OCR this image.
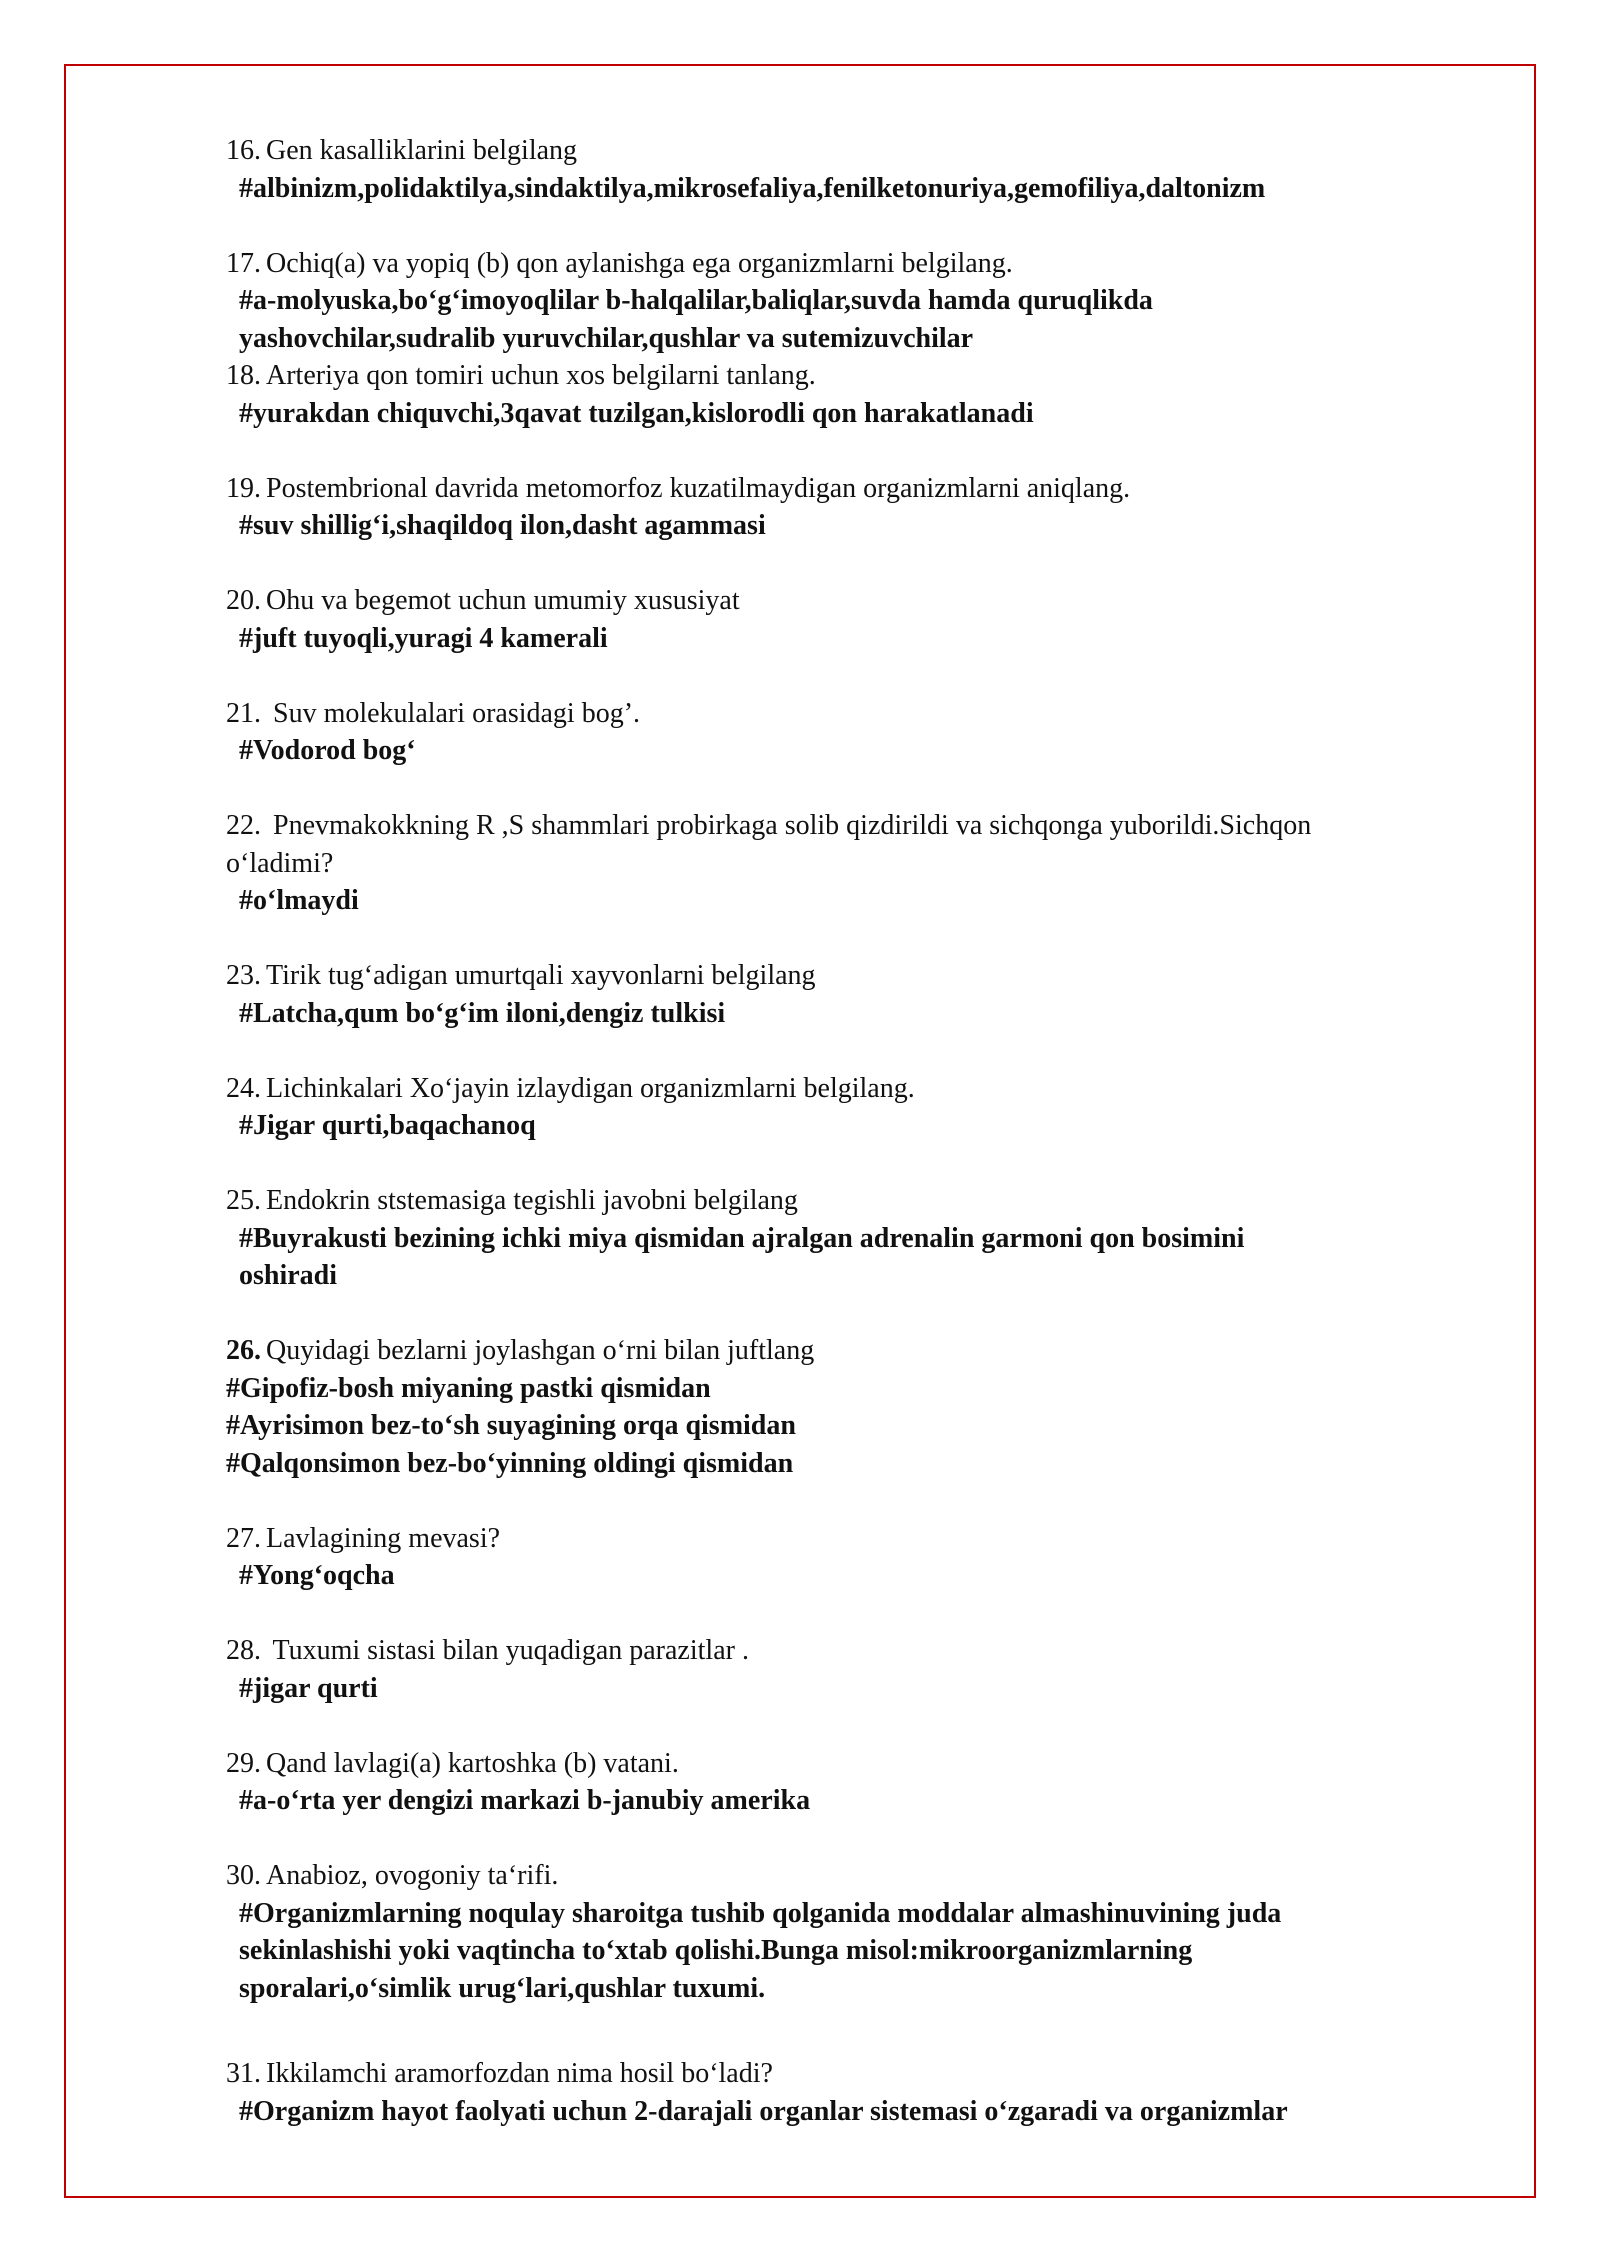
16. Gen kasalliklarini belgilang
#albinizm,polidaktilya,sindaktilya,mikrosefaliya,fenilketonuriya,gemofiliya,daltonizm
17. Ochiq(a) va yopiq (b) qon aylanishga ega organizmlarni belgilang.
#a-molyuska,bo‘g‘imoyoqlilar b-halqalilar,baliqlar,suvda hamda quruqlikda
yashovchilar,sudralib yuruvchilar,qushlar va sutemizuvchilar
18. Arteriya qon tomiri uchun xos belgilarni tanlang.
#yurakdan chiquvchi,3qavat tuzilgan,kislorodli qon harakatlanadi
19. Postembrional davrida metomorfoz kuzatilmaydigan organizmlarni aniqlang.
#suv shillig‘i,shaqildoq ilon,dasht agammasi
20. Ohu va begemot uchun umumiy xususiyat
#juft tuyoqli,yuragi 4 kamerali
21. Suv molekulalari orasidagi bog’.
#Vodorod bog‘
22. Pnevmakokkning R ,S shammlari probirkaga solib qizdirildi va sichqonga yuborildi.Sichqon
o‘ladimi?
#o‘lmaydi
23. Tirik tug‘adigan umurtqali xayvonlarni belgilang
#Latcha,qum bo‘g‘im iloni,dengiz tulkisi
24. Lichinkalari Xo‘jayin izlaydigan organizmlarni belgilang.
#Jigar qurti,baqachanoq
25. Endokrin ststemasiga tegishli javobni belgilang
#Buyrakusti bezining ichki miya qismidan ajralgan adrenalin garmoni qon bosimini
oshiradi
26. Quyidagi bezlarni joylashgan o‘rni bilan juftlang
#Gipofiz-bosh miyaning pastki qismidan
#Ayrisimon bez-to‘sh suyagining orqa qismidan
#Qalqonsimon bez-bo‘yinning oldingi qismidan
27. Lavlagining mevasi?
#Yong‘oqcha
28. Tuxumi sistasi bilan yuqadigan parazitlar .
#jigar qurti
29. Qand lavlagi(a) kartoshka (b) vatani.
#a-o‘rta yer dengizi markazi b-janubiy amerika
30. Anabioz, ovogoniy ta‘rifi.
#Organizmlarning noqulay sharoitga tushib qolganida moddalar almashinuvining juda
sekinlashishi yoki vaqtincha to‘xtab qolishi.Bunga misol:mikroorganizmlarning
sporalari,o‘simlik urug‘lari,qushlar tuxumi.
31. Ikkilamchi aramorfozdan nima hosil bo‘ladi?
#Organizm hayot faolyati uchun 2-darajali organlar sistemasi o‘zgaradi va organizmlar
